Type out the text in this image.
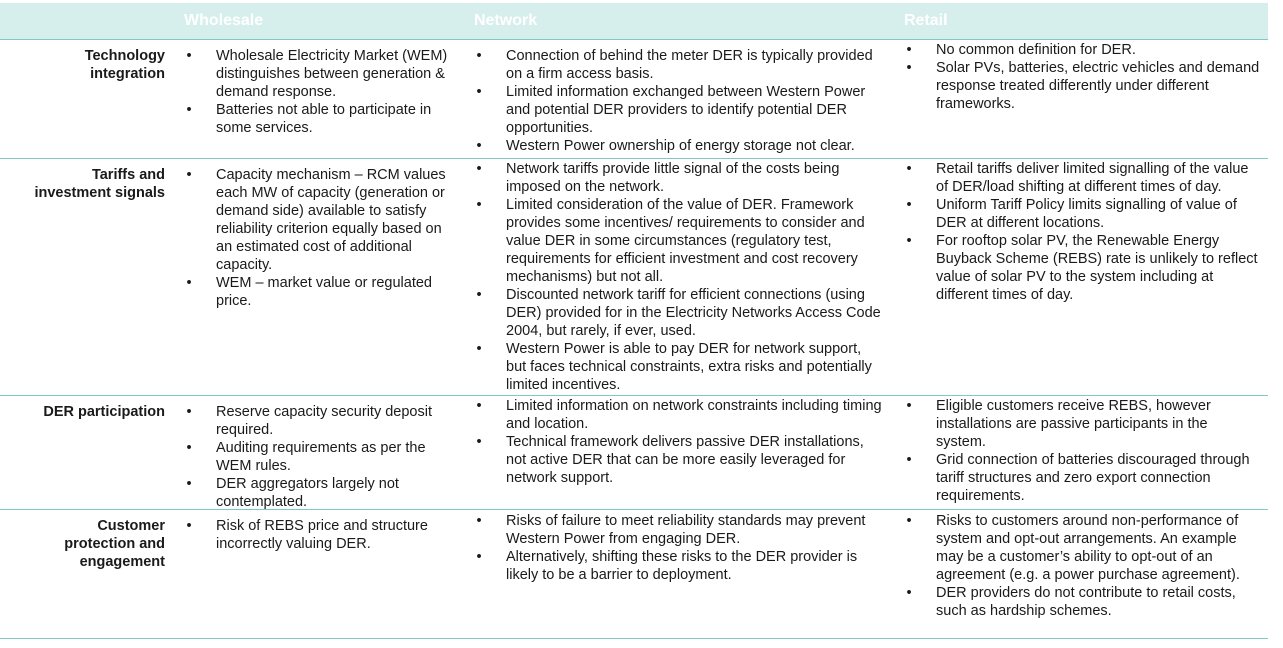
Wholesale	Network	Retail
Technology
integration
• Wholesale Electricity Market (WEM) distinguishes between generation & demand response.
• Batteries not able to participate in some services.
• Connection of behind the meter DER is typically provided on a firm access basis.
• Limited information exchanged between Western Power and potential DER providers to identify potential DER opportunities.
• Western Power ownership of energy storage not clear.
• No common definition for DER.
• Solar PVs, batteries, electric vehicles and demand response treated differently under different frameworks.
Tariffs and
investment signals
• Capacity mechanism – RCM values each MW of capacity (generation or demand side) available to satisfy reliability criterion equally based on an estimated cost of additional capacity.
• WEM – market value or regulated price.
• Network tariffs provide little signal of the costs being imposed on the network.
• Limited consideration of the value of DER. Framework provides some incentives/ requirements to consider and value DER in some circumstances (regulatory test, requirements for efficient investment and cost recovery mechanisms) but not all.
• Discounted network tariff for efficient connections (using DER) provided for in the Electricity Networks Access Code 2004, but rarely, if ever, used.
• Western Power is able to pay DER for network support, but faces technical constraints, extra risks and potentially limited incentives.
• Retail tariffs deliver limited signalling of the value of DER/load shifting at different times of day.
• Uniform Tariff Policy limits signalling of value of DER at different locations.
• For rooftop solar PV, the Renewable Energy Buyback Scheme (REBS) rate is unlikely to reflect value of solar PV to the system including at different times of day.
DER participation • Reserve capacity security deposit required.
• Auditing requirements as per the WEM rules.
• DER aggregators largely not contemplated.
• Limited information on network constraints including timing and location.
• Technical framework delivers passive DER installations, not active DER that can be more easily leveraged for network support.
• Eligible customers receive REBS, however installations are passive participants in the system.
• Grid connection of batteries discouraged through tariff structures and zero export connection requirements.
Customer
protection and
engagement
• Risk of REBS price and structure incorrectly valuing DER.
• Risks of failure to meet reliability standards may prevent Western Power from engaging DER.
• Alternatively, shifting these risks to the DER provider is likely to be a barrier to deployment.
• Risks to customers around non-performance of system and opt-out arrangements. An example may be a customer’s ability to opt-out of an agreement (e.g. a power purchase agreement).
• DER providers do not contribute to retail costs, such as hardship schemes.
